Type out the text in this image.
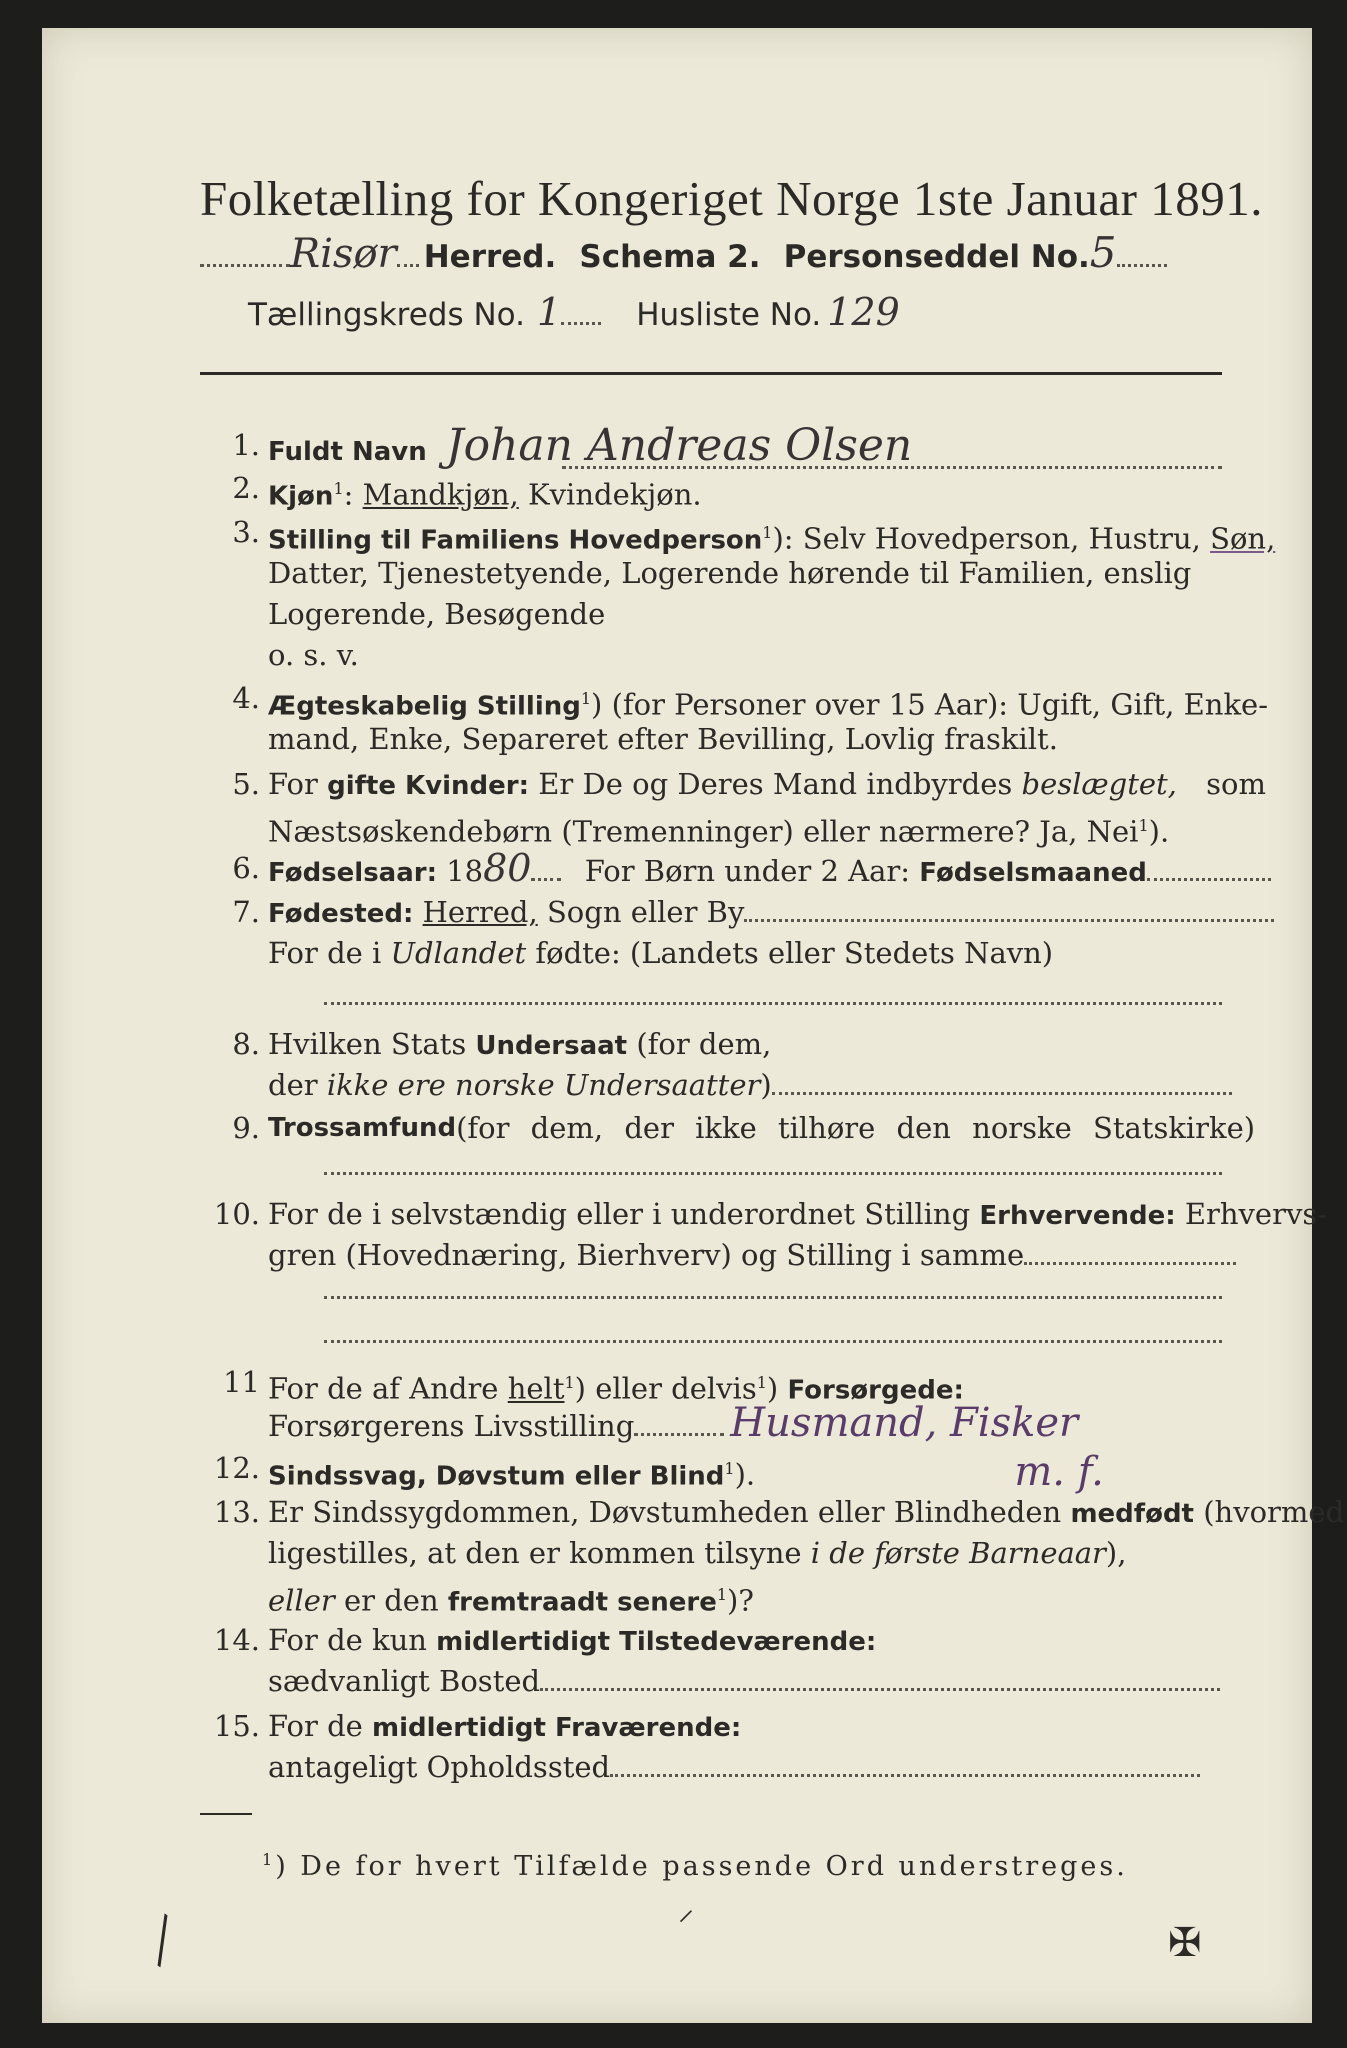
Folketælling for Kongeriget Norge 1ste Januar 1891.
Risør Herred. Schema 2. Personseddel No.5
Tællingskreds No. 1 Husliste No. 129
1. Fuldt Navn Johan Andreas Olsen
2. Kjøn$^1$: Mandkjøn, Kvindekjøn.
3. Stilling til Familiens Hovedperson$^1$): Selv Hovedperson, Hustru, Søn,
Datter, Tjenestetyende, Logerende hørende til Familien, enslig
Logerende, Besøgende
o. s. v.
4. Ægteskabelig Stilling$^1$) (for Personer over 15 Aar): Ugift, Gift, Enke-
mand, Enke, Separeret efter Bevilling, Lovlig fraskilt.
5. For gifte Kvinder: Er De og Deres Mand indbyrdes beslægtet, som
Næstsøskendebørn (Tremenninger) eller nærmere? Ja, Nei$^1$).
6. Fødselsaar: 1880 For Børn under 2 Aar: Fødselsmaaned
7. Fødested: Herred, Sogn eller By
For de i Udlandet fødte: (Landets eller Stedets Navn)
8. Hvilken Stats Undersaat (for dem,
der ikke ere norske Undersaatter)
9. Trossamfund (for dem, der ikke tilhøre den norske Statskirke)
10. For de i selvstændig eller i underordnet Stilling Erhvervende: Erhvervs-
gren (Hovednæring, Bierhverv) og Stilling i samme
11 For de af Andre helt$^1$) eller delvis$^1$) Forsørgede:
Forsørgerens Livsstilling Husmand, Fisker
12. Sindssvag, Døvstum eller Blind$^1$).	m. f.
13. Er Sindssygdommen, Døvstumheden eller Blindheden medfødt (hvormed
ligestilles, at den er kommen tilsyne i de første Barneaar),
eller er den fremtraadt senere$^1$)?
14. For de kun midlertidigt Tilstedeværende:
sædvanligt Bosted
15. For de midlertidigt Fraværende:
antageligt Opholdssted
$^1$) De for hvert Tilfælde passende Ord understreges.
╲	⸍	✠
